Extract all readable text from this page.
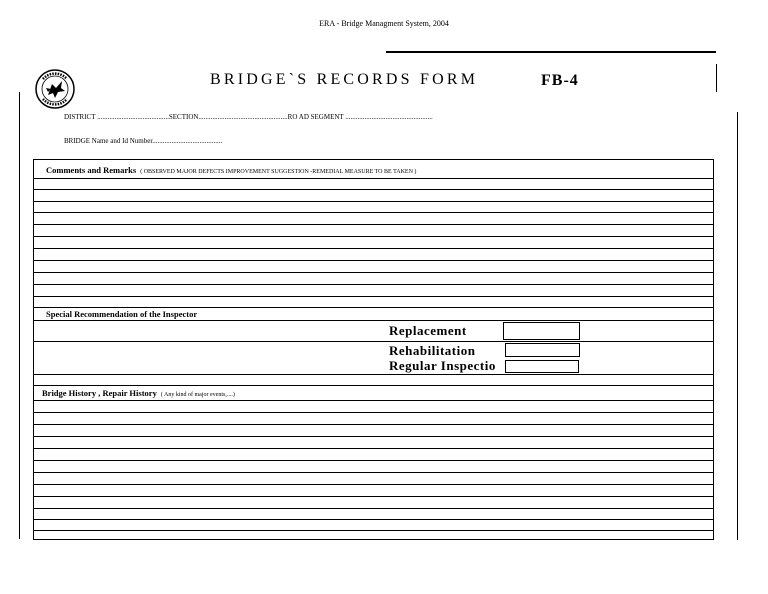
ERA - Bridge Managment System, 2004
BRIDGE`S RECORDS FORM	FB-4
DISTRICT .........................................SECTION...................................................RO AD SEGMENT ..................................................
BRIDGE Name and Id Number........................................
Comments and Remarks ( OBSERVED MAJOR DEFECTS IMPROVEMENT SUGGESTION -REMEDIAL MEASURE TO BE TAKEN )
Special Recommendation of the Inspector
Replacement
Rehabilitation
Regular Inspectio
Bridge History , Repair History ( Any kind of major events,....)
